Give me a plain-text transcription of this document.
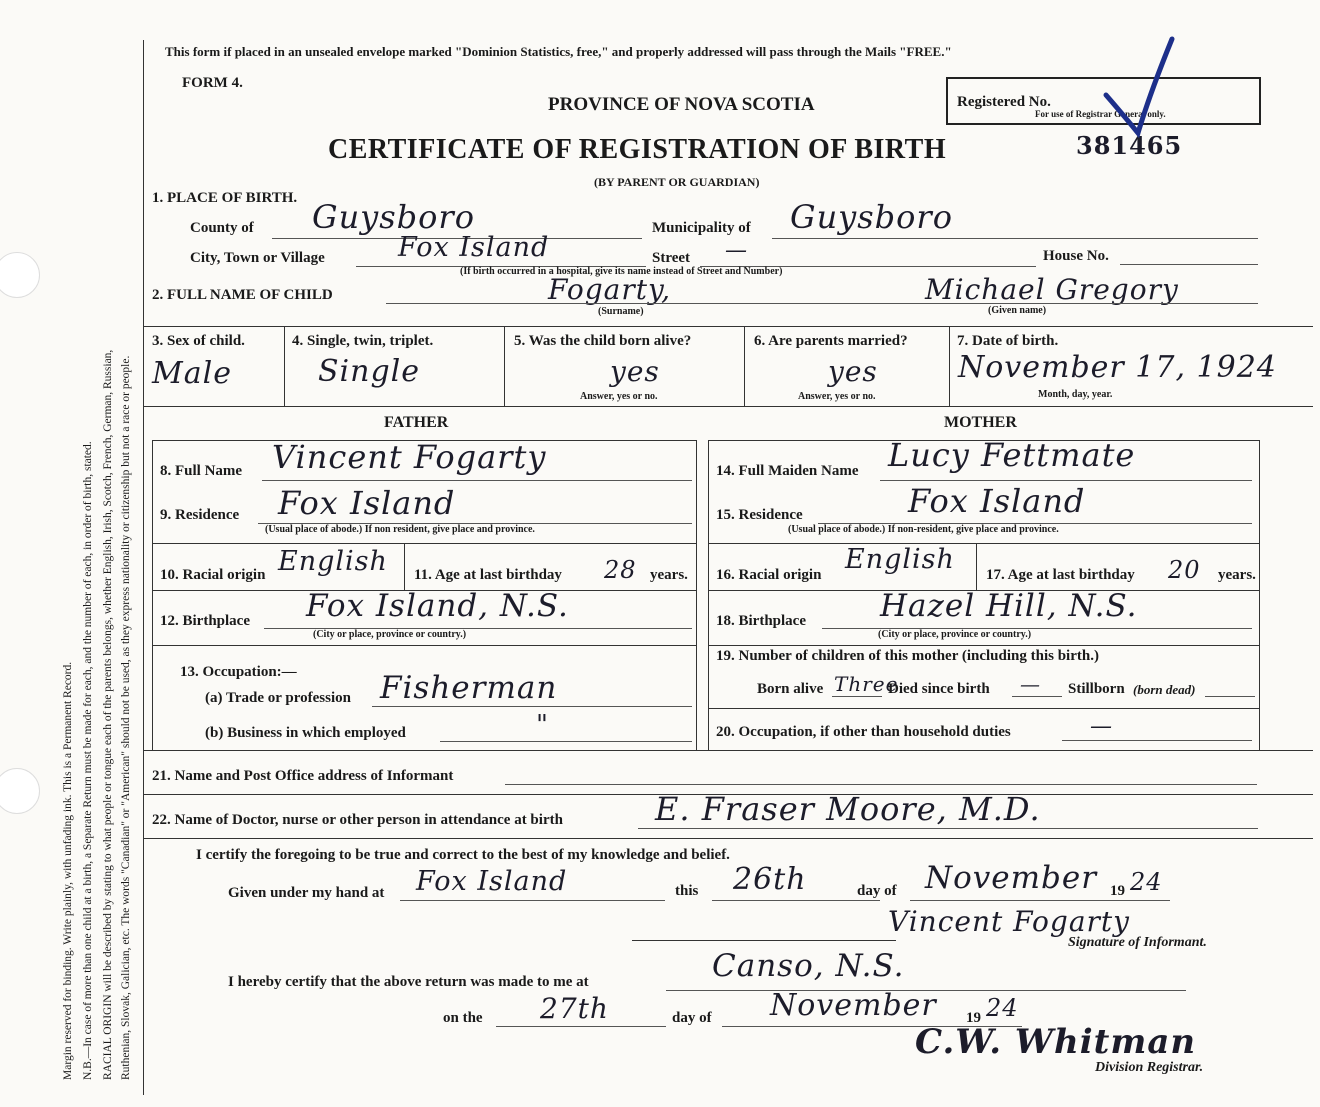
Margin reserved for binding. Write plainly, with unfading ink. This is a Permanent Record. N.B.—In case of more than one child at a birth, a Separate Return must be made for each, and the number of each, in order of birth, stated. RACIAL ORIGIN will be described by stating to what people or tongue each of the parents belongs, whether English, Irish, Scotch, French, German, Russian, Ruthenian, Slovak, Galician, etc. The words "Canadian" or "American" should not be used, as they express nationality or citizenship but not a race or people.
This form if placed in an unsealed envelope marked "Dominion Statistics, free," and properly addressed will pass through the Mails "FREE."
FORM 4.
PROVINCE OF NOVA SCOTIA	Registered No.
For use of Registrar General only.
CERTIFICATE OF REGISTRATION OF BIRTH	381465
(BY PARENT OR GUARDIAN)
1. PLACE OF BIRTH.
County of Guysboro	Municipality of Guysboro
City, Town or Village	Fox Island	Street —	House No.
(If birth occurred in a hospital, give its name instead of Street and Number)
2. FULL NAME OF CHILD	Fogarty,	Michael Gregory
(Surname)	(Given name)
3. Sex of child.
Male
4. Single, twin, triplet.
Single
5. Was the child born alive?
yes
Answer, yes or no.
6. Are parents married?
yes
Answer, yes or no.
7. Date of birth.
November 17, 1924
Month, day, year.
FATHER	MOTHER
8. Full Name Vincent Fogarty
9. Residence Fox Island
(Usual place of abode.) If non resident, give place and province.
10. Racial origin English 11. Age at last birthday 28 years.
12. Birthplace Fox Island, N.S.
(City or place, province or country.)
13. Occupation:—
(a) Trade or profession Fisherman
(b) Business in which employed	"
14. Full Maiden Name Lucy Fettmate
15. Residence	Fox Island
(Usual place of abode.) If non-resident, give place and province.
16. Racial origin English 17. Age at last birthday 20 years.
18. Birthplace Hazel Hill, N.S.
(City or place, province or country.)
19. Number of children of this mother (including this birth.)
Born alive Three
Died since birth — Stillborn (born dead)
20. Occupation, if other than household duties	—
21. Name and Post Office address of Informant
22. Name of Doctor, nurse or other person in attendance at birth	E. Fraser Moore, M.D.
I certify the foregoing to be true and correct to the best of my knowledge and belief.
Given under my hand at Fox Island	this 26th	day of November 19 24
Vincent Fogarty
Signature of Informant.
I hereby certify that the above return was made to me at	Canso, N.S.
on the 27th	day of November 19 24
C.W. Whitman
Division Registrar.
